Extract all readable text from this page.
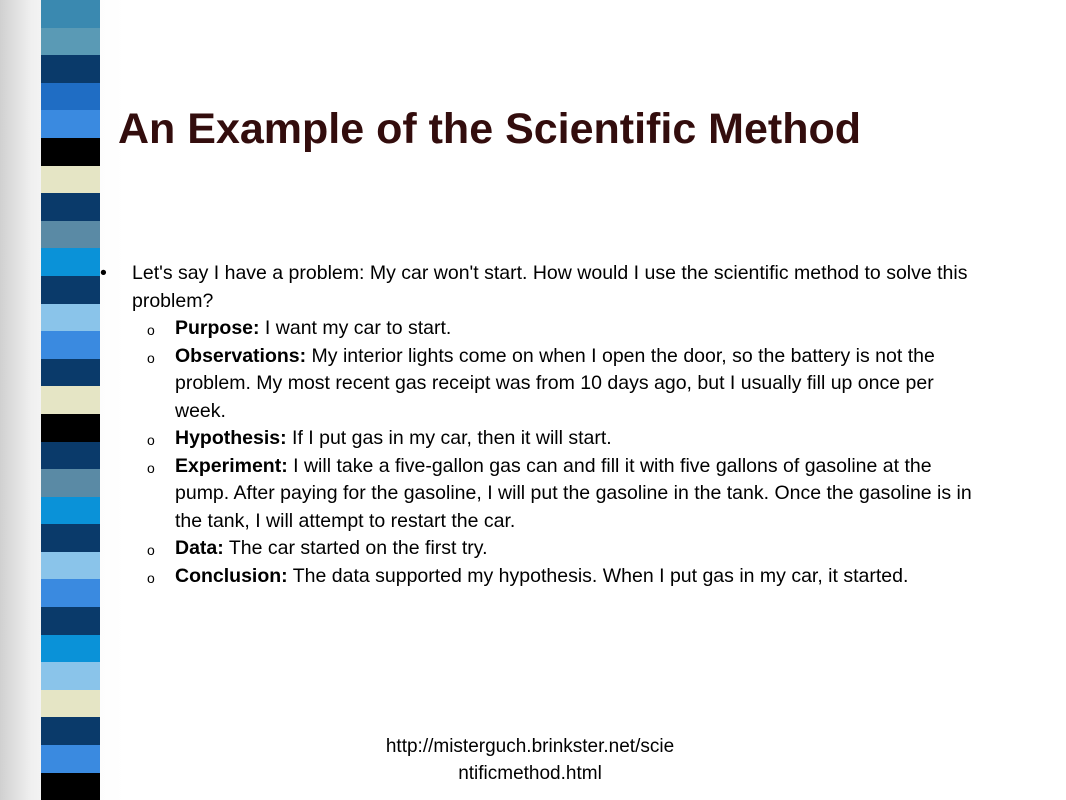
An Example of the Scientific Method
• Let's say I have a problem: My car won't start. How would I use the scientific method to solve this problem?
o Purpose: I want my car to start.
o Observations: My interior lights come on when I open the door, so the battery is not the problem. My most recent gas receipt was from 10 days ago, but I usually fill up once per week.
o Hypothesis: If I put gas in my car, then it will start.
o Experiment: I will take a five-gallon gas can and fill it with five gallons of gasoline at the pump. After paying for the gasoline, I will put the gasoline in the tank. Once the gasoline is in the tank, I will attempt to restart the car.
o Data: The car started on the first try.
o Conclusion: The data supported my hypothesis. When I put gas in my car, it started.
http://misterguch.brinkster.net/scie
ntificmethod.html
